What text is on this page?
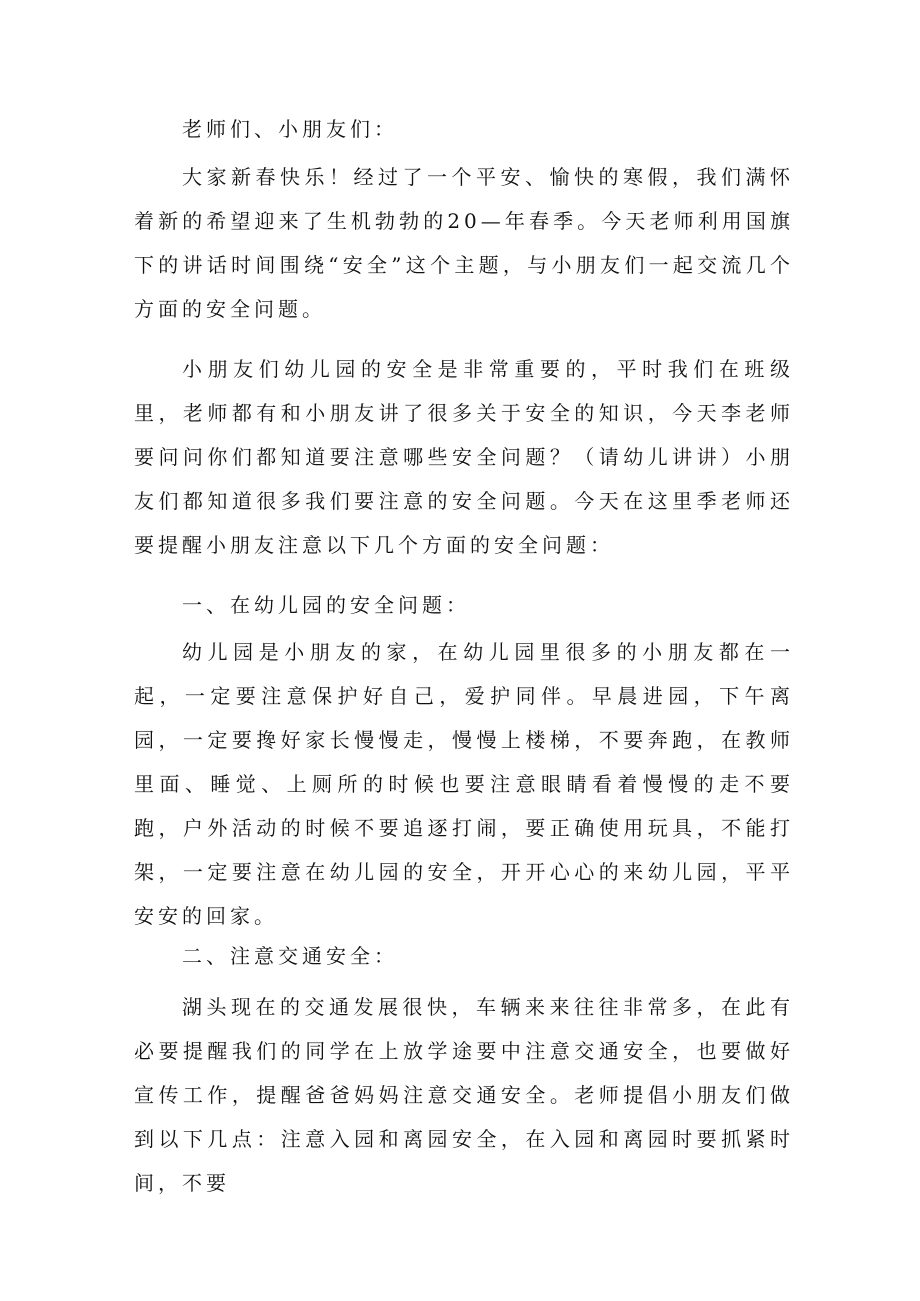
老师们、小朋友们：

大家新春快乐！经过了一个平安、愉快的寒假，我们满怀着新的希望迎来了生机勃勃的20—年春季。今天老师利用国旗下的讲话时间围绕“安全”这个主题，与小朋友们一起交流几个方面的安全问题。

小朋友们幼儿园的安全是非常重要的，平时我们在班级里，老师都有和小朋友讲了很多关于安全的知识，今天李老师要问问你们都知道要注意哪些安全问题？（请幼儿讲讲）小朋友们都知道很多我们要注意的安全问题。今天在这里季老师还要提醒小朋友注意以下几个方面的安全问题：

一、在幼儿园的安全问题：

幼儿园是小朋友的家，在幼儿园里很多的小朋友都在一起，一定要注意保护好自己，爱护同伴。早晨进园，下午离园，一定要搀好家长慢慢走，慢慢上楼梯，不要奔跑，在教师里面、睡觉、上厕所的时候也要注意眼睛看着慢慢的走不要跑，户外活动的时候不要追逐打闹，要正确使用玩具，不能打架，一定要注意在幼儿园的安全，开开心心的来幼儿园，平平安安的回家。

二、注意交通安全：

湖头现在的交通发展很快，车辆来来往往非常多，在此有必要提醒我们的同学在上放学途要中注意交通安全，也要做好宣传工作，提醒爸爸妈妈注意交通安全。老师提倡小朋友们做到以下几点：注意入园和离园安全，在入园和离园时要抓紧时间，不要
